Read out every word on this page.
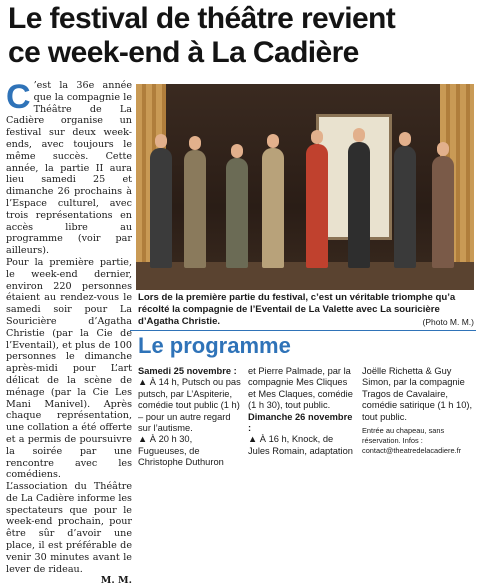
Le festival de théâtre revient
ce week-end à La Cadière
C ’est la 36e année que la compagnie le Théâtre de La Cadière organise un festival sur deux week-ends, avec toujours le même succès. Cette année, la partie II aura lieu samedi 25 et dimanche 26 prochains à l’Espace culturel, avec trois représentations en accès libre au programme (voir par ailleurs).

Pour la première partie, le week-end dernier, environ 220 personnes étaient au rendez-vous le samedi soir pour La Souricière d’Agatha Christie (par la Cie de l’Eventail), et plus de 100 personnes le dimanche après-midi pour L’art délicat de la scène de ménage (par la Cie Les Mani Manivel). Après chaque représentation, une collation a été offerte et a permis de poursuivre la soirée par une rencontre avec les comédiens.

L’association du Théâtre de La Cadière informe les spectateurs que pour le week-end prochain, pour être sûr d’avoir une place, il est préférable de venir 30 minutes avant le lever de rideau.

M. M.

Lors de la première partie du festival, c’est un véritable triomphe qu’a récolté la compagnie de l’Eventail de La Valette avec La souricière d’Agatha Christie.	(Photo M. M.)
Le programme

Samedi 25 novembre :

▲ À 14 h, Putsch ou pas putsch, par L’Aspiterie, comédie tout public (1 h) – pour un autre regard sur l’autisme.

▲ À 20 h 30, Fugueuses, de Christophe Duthuron

et Pierre Palmade, par la compagnie Mes Cliques et Mes Claques, comédie (1 h 30), tout public.

Dimanche 26 novembre :

▲ À 16 h, Knock, de Jules Romain, adaptation

Joëlle Richetta & Guy Simon, par la compagnie Tragos de Cavalaire, comédie satirique (1 h 10), tout public.

Entrée au chapeau, sans réservation. Infos : contact@theatredelacadiere.fr
